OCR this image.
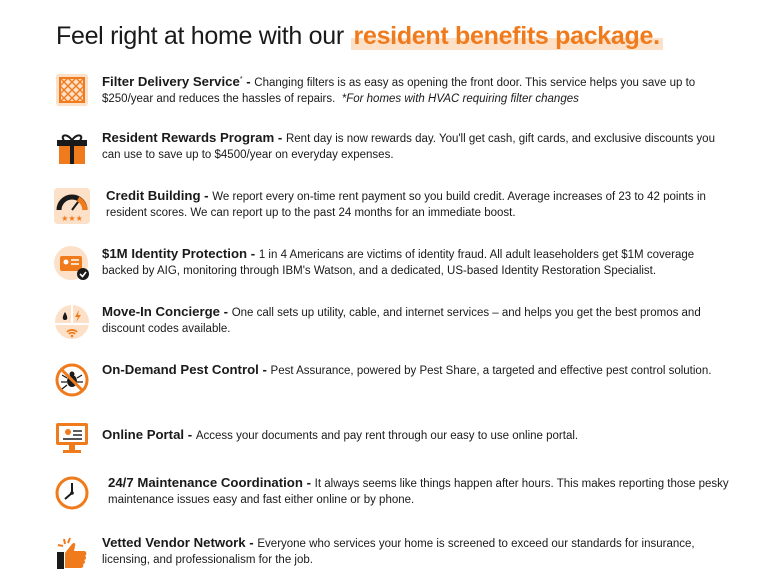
Feel right at home with our resident benefits package.
Filter Delivery Service* - Changing filters is as easy as opening the front door. This service helps you save up to $250/year and reduces the hassles of repairs. *For homes with HVAC requiring filter changes
Resident Rewards Program - Rent day is now rewards day. You'll get cash, gift cards, and exclusive discounts you can use to save up to $4500/year on everyday expenses.
★★★
Credit Building - We report every on-time rent payment so you build credit. Average increases of 23 to 42 points in resident scores. We can report up to the past 24 months for an immediate boost.
$1M Identity Protection - 1 in 4 Americans are victims of identity fraud. All adult leaseholders get $1M coverage backed by AIG, monitoring through IBM's Watson, and a dedicated, US-based Identity Restoration Specialist.
Move-In Concierge - One call sets up utility, cable, and internet services – and helps you get the best promos and discount codes available.
On-Demand Pest Control - Pest Assurance, powered by Pest Share, a targeted and effective pest control solution.
Online Portal - Access your documents and pay rent through our easy to use online portal.
24/7 Maintenance Coordination - It always seems like things happen after hours. This makes reporting those pesky maintenance issues easy and fast either online or by phone.
Vetted Vendor Network - Everyone who services your home is screened to exceed our standards for insurance, licensing, and professionalism for the job.
